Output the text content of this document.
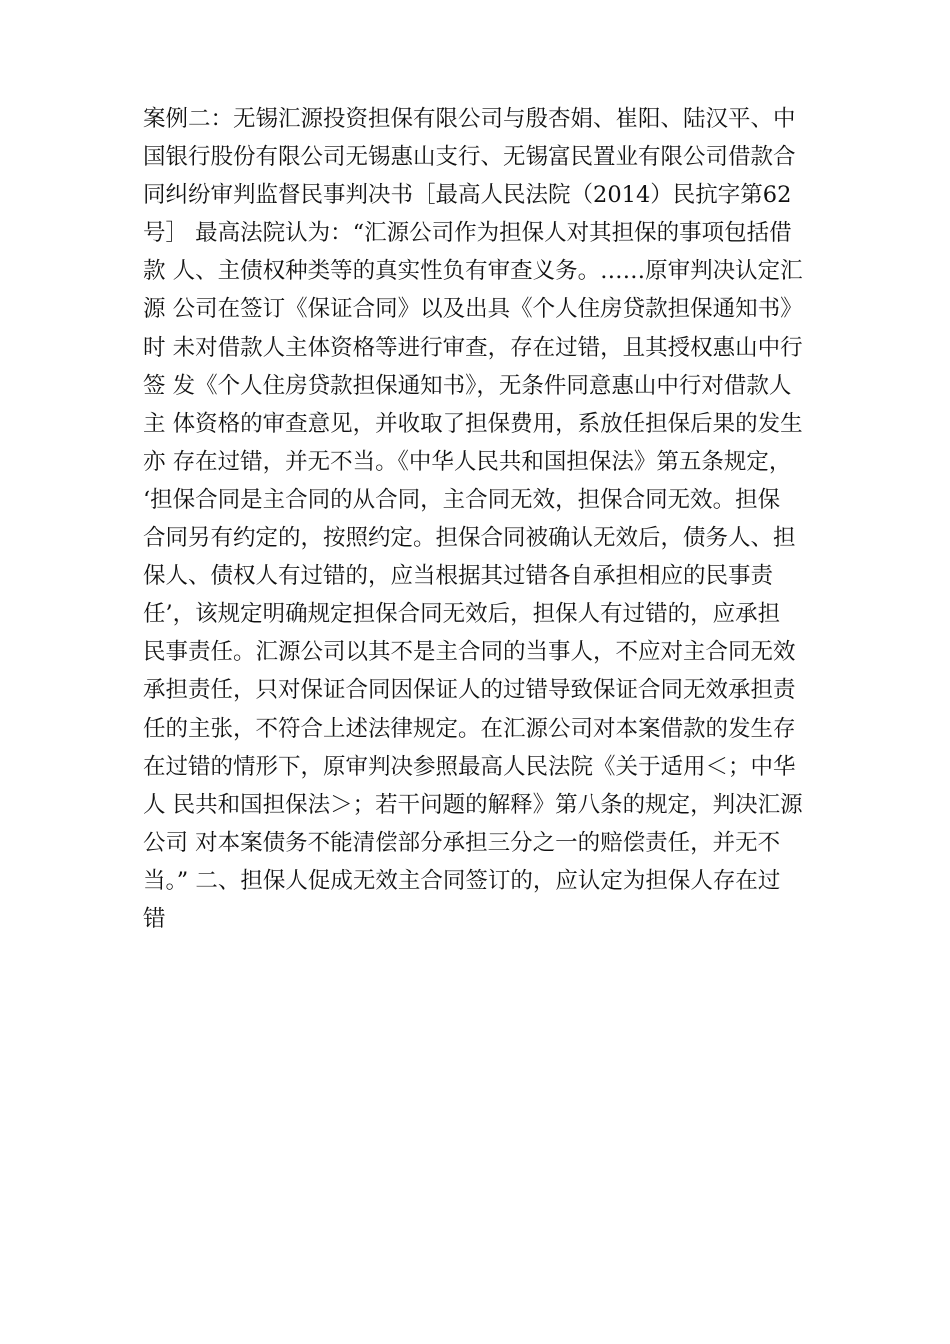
案例二：无锡汇源投资担保有限公司与殷杏娟、崔阳、陆汉平、中
国银行股份有限公司无锡惠山支行、无锡富民置业有限公司借款合
同纠纷审判监督民事判决书［最高人民法院（2014）民抗字第62
号］ 最高法院认为：“汇源公司作为担保人对其担保的事项包括借
款 人、主债权种类等的真实性负有审查义务。……原审判决认定汇
源 公司在签订《保证合同》以及出具《个人住房贷款担保通知书》
时 未对借款人主体资格等进行审查，存在过错，且其授权惠山中行
签 发《个人住房贷款担保通知书》，无条件同意惠山中行对借款人
主 体资格的审查意见，并收取了担保费用，系放任担保后果的发生
亦 存在过错，并无不当。《中华人民共和国担保法》第五条规定，
‘担保合同是主合同的从合同，主合同无效，担保合同无效。担保
合同另有约定的，按照约定。担保合同被确认无效后，债务人、担
保人、债权人有过错的，应当根据其过错各自承担相应的民事责
任’，该规定明确规定担保合同无效后，担保人有过错的，应承担
民事责任。汇源公司以其不是主合同的当事人，不应对主合同无效
承担责任，只对保证合同因保证人的过错导致保证合同无效承担责
任的主张，不符合上述法律规定。在汇源公司对本案借款的发生存
在过错的情形下，原审判决参照最高人民法院《关于适用＜；中华
人 民共和国担保法＞；若干问题的解释》第八条的规定，判决汇源
公司 对本案债务不能清偿部分承担三分之一的赔偿责任，并无不
当。” 二、担保人促成无效主合同签订的，应认定为担保人存在过
错
